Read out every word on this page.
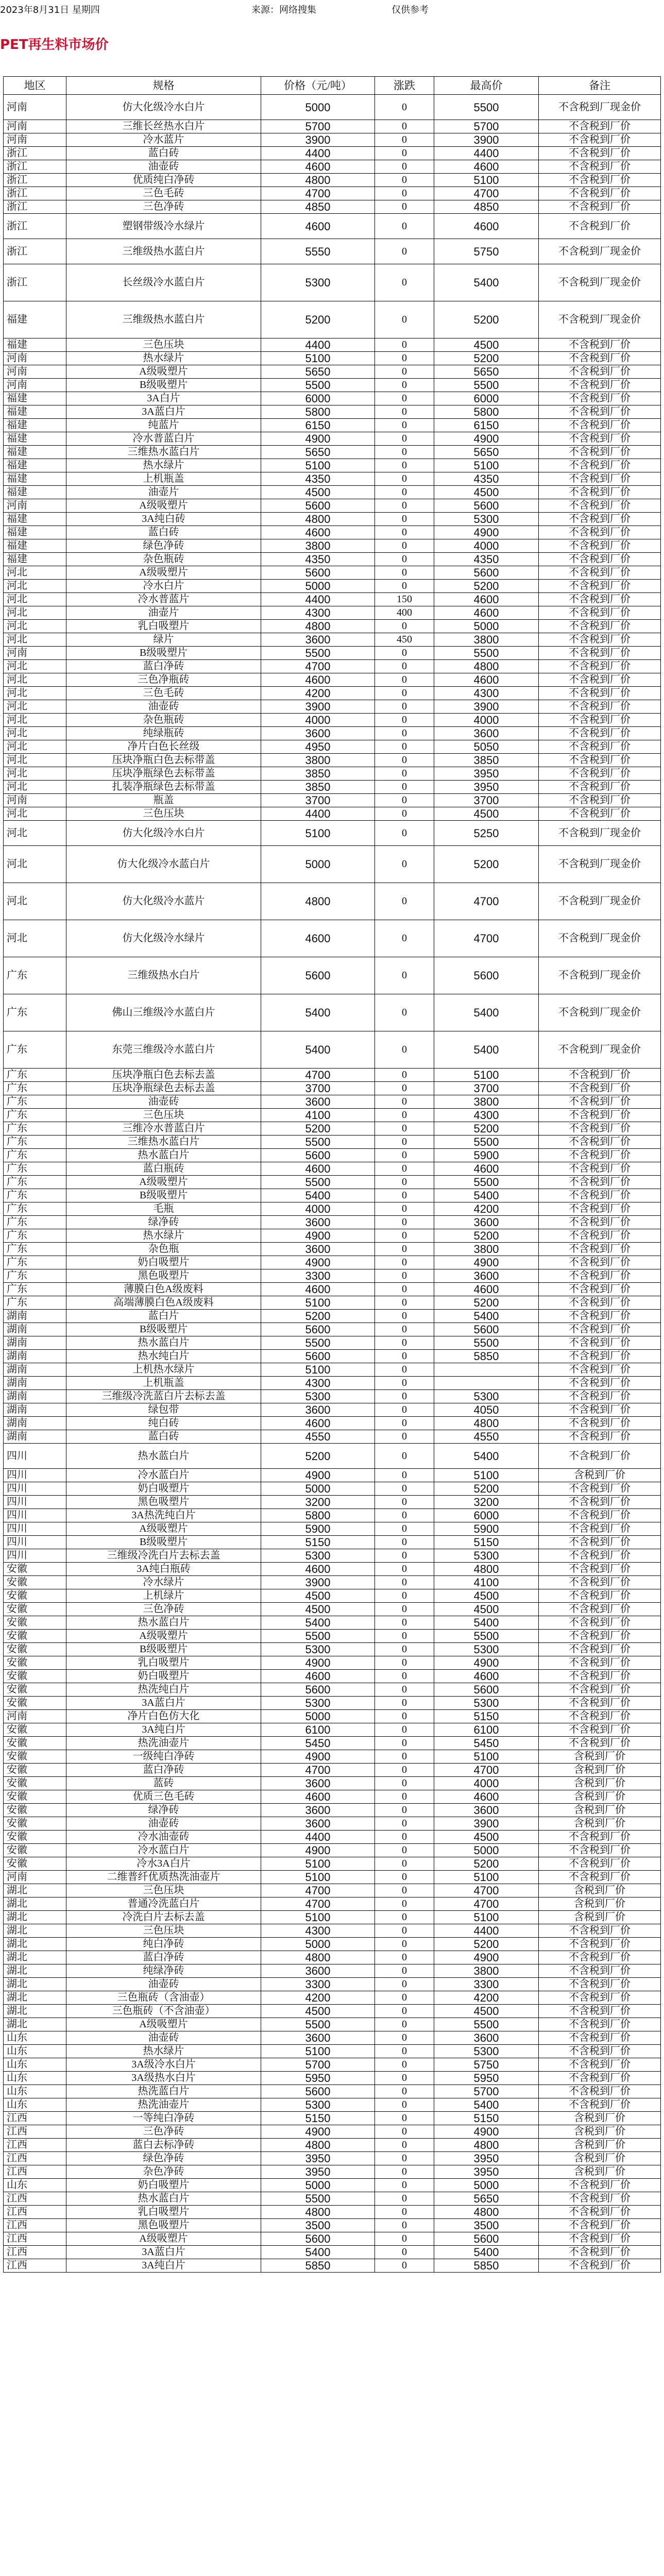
2023年8月31日 星期四	来源：网络搜集	仅供参考
PET再生料市场价
地区	规格	价格（元/吨）	涨跌	最高价	备注
河南	仿大化级冷水白片	5000	0	5500	不含税到厂现金价
河南	三维长丝热水白片	5700	0	5700	不含税到厂价
河南	冷水蓝片	3900	0	3900	不含税到厂价
浙江	蓝白砖	4400	0	4400	不含税到厂价
浙江	油壶砖	4600	0	4600	不含税到厂价
浙江	优质纯白净砖	4800	0	5100	不含税到厂价
浙江	三色毛砖	4700	0	4700	不含税到厂价
浙江	三色净砖	4850	0	4850	不含税到厂价
浙江	塑钢带级冷水绿片	4600	0	4600	不含税到厂价
浙江	三维级热水蓝白片	5550	0	5750	不含税到厂现金价
浙江	长丝级冷水蓝白片	5300	0	5400	不含税到厂现金价
福建	三维级热水蓝白片	5200	0	5200	不含税到厂现金价
福建	三色压块	4400	0	4500	不含税到厂价
河南	热水绿片	5100	0	5200	不含税到厂价
河南	A级吸塑片	5650	0	5650	不含税到厂价
河南	B级吸塑片	5500	0	5500	不含税到厂价
福建	3A白片	6000	0	6000	不含税到厂价
福建	3A蓝白片	5800	0	5800	不含税到厂价
福建	纯蓝片	6150	0	6150	不含税到厂价
福建	冷水普蓝白片	4900	0	4900	不含税到厂价
福建	三维热水蓝白片	5650	0	5650	不含税到厂价
福建	热水绿片	5100	0	5100	不含税到厂价
福建	上机瓶盖	4350	0	4350	不含税到厂价
福建	油壶片	4500	0	4500	不含税到厂价
河南	A级吸塑片	5600	0	5600	不含税到厂价
福建	3A纯白砖	4800	0	5300	不含税到厂价
福建	蓝白砖	4600	0	4900	不含税到厂价
福建	绿色净砖	3800	0	4000	不含税到厂价
福建	杂色瓶砖	4350	0	4350	不含税到厂价
河北	A级吸塑片	5600	0	5600	不含税到厂价
河北	冷水白片	5000	0	5200	不含税到厂价
河北	冷水普蓝片	4400	150	4600	不含税到厂价
河北	油壶片	4300	400	4600	不含税到厂价
河北	乳白吸塑片	4800	0	5000	不含税到厂价
河北	绿片	3600	450	3800	不含税到厂价
河南	B级吸塑片	5500	0	5500	不含税到厂价
河北	蓝白净砖	4700	0	4800	不含税到厂价
河北	三色净瓶砖	4600	0	4600	不含税到厂价
河北	三色毛砖	4200	0	4300	不含税到厂价
河北	油壶砖	3900	0	3900	不含税到厂价
河北	杂色瓶砖	4000	0	4000	不含税到厂价
河北	纯绿瓶砖	3600	0	3600	不含税到厂价
河北	净片白色长丝级	4950	0	5050	不含税到厂价
河北	压块净瓶白色去标带盖	3800	0	3850	不含税到厂价
河北	压块净瓶绿色去标带盖	3850	0	3950	不含税到厂价
河北	扎装净瓶绿色去标带盖	3850	0	3950	不含税到厂价
河南	瓶盖	3700	0	3700	不含税到厂价
河北	三色压块	4400	0	4500	不含税到厂价
河北	仿大化级冷水白片	5100	0	5250	不含税到厂现金价
河北	仿大化级冷水蓝白片	5000	0	5200	不含税到厂现金价
河北	仿大化级冷水蓝片	4800	0	4700	不含税到厂现金价
河北	仿大化级冷水绿片	4600	0	4700	不含税到厂现金价
广东	三维级热水白片	5600	0	5600	不含税到厂现金价
广东	佛山三维级冷水蓝白片	5400	0	5400	不含税到厂现金价
广东	东莞三维级冷水蓝白片	5400	0	5400	不含税到厂现金价
广东	压块净瓶白色去标去盖	4700	0	5100	不含税到厂价
广东	压块净瓶绿色去标去盖	3700	0	3700	不含税到厂价
广东	油壶砖	3600	0	3800	不含税到厂价
广东	三色压块	4100	0	4300	不含税到厂价
广东	三维冷水普蓝白片	5200	0	5200	不含税到厂价
广东	三维热水蓝白片	5500	0	5500	不含税到厂价
广东	热水蓝白片	5600	0	5900	不含税到厂价
广东	蓝白瓶砖	4600	0	4600	不含税到厂价
广东	A级吸塑片	5500	0	5500	不含税到厂价
广东	B级吸塑片	5400	0	5400	不含税到厂价
广东	毛瓶	4000	0	4200	不含税到厂价
广东	绿净砖	3600	0	3600	不含税到厂价
广东	热水绿片	4900	0	5200	不含税到厂价
广东	杂色瓶	3600	0	3800	不含税到厂价
广东	奶白吸塑片	4900	0	4900	不含税到厂价
广东	黑色吸塑片	3300	0	3600	不含税到厂价
广东	薄膜白色A级废料	4600	0	4600	不含税到厂价
广东	高端薄膜白色A级废料	5100	0	5200	不含税到厂价
湖南	蓝白片	5200	0	5400	不含税到厂价
湖南	B级吸塑片	5600	0	5600	不含税到厂价
湖南	热水蓝白片	5500	0	5500	不含税到厂价
湖南	热水纯白片	5600	0	5850	不含税到厂价
湖南	上机热水绿片	5100	0		不含税到厂价
湖南	上机瓶盖	4300	0		不含税到厂价
湖南	三维级冷洗蓝白片去标去盖	5300	0	5300	不含税到厂价
湖南	绿包带	3600	0	4050	不含税到厂价
湖南	纯白砖	4600	0	4800	不含税到厂价
湖南	蓝白砖	4550	0	4550	不含税到厂价
四川	热水蓝白片	5200	0	5400	不含税到厂价
四川	冷水蓝白片	4900	0	5100	含税到厂价
四川	奶白吸塑片	5000	0	5200	不含税到厂价
四川	黑色吸塑片	3200	0	3200	不含税到厂价
四川	3A热洗纯白片	5800	0	6000	不含税到厂价
四川	A级吸塑片	5900	0	5900	不含税到厂价
四川	B级吸塑片	5150	0	5150	不含税到厂价
四川	三维级冷洗白片去标去盖	5300	0	5300	不含税到厂价
安徽	3A纯白瓶砖	4600	0	4800	不含税到厂价
安徽	冷水绿片	3900	0	4100	不含税到厂价
安徽	上机绿片	4500	0	4500	不含税到厂价
安徽	三色净砖	4500	0	4500	不含税到厂价
安徽	热水蓝白片	5400	0	5400	不含税到厂价
安徽	A级吸塑片	5500	0	5500	不含税到厂价
安徽	B级吸塑片	5300	0	5300	不含税到厂价
安徽	乳白吸塑片	4900	0	4900	不含税到厂价
安徽	奶白吸塑片	4600	0	4600	不含税到厂价
安徽	热洗纯白片	5600	0	5600	不含税到厂价
安徽	3A蓝白片	5300	0	5300	不含税到厂价
河南	净片白色仿大化	5000	0	5150	不含税到厂价
安徽	3A纯白片	6100	0	6100	不含税到厂价
安徽	热洗油壶片	5450	0	5450	不含税到厂价
安徽	一级纯白净砖	4900	0	5100	含税到厂价
安徽	蓝白净砖	4700	0	4700	含税到厂价
安徽	蓝砖	3600	0	4000	含税到厂价
安徽	优质三色毛砖	4600	0	4600	含税到厂价
安徽	绿净砖	3600	0	3600	含税到厂价
安徽	油壶砖	3600	0	3900	含税到厂价
安徽	冷水油壶砖	4400	0	4500	不含税到厂价
安徽	冷水蓝白片	4900	0	5000	不含税到厂价
安徽	冷水3A白片	5100	0	5200	不含税到厂价
河南	二维普纤优质热洗油壶片	5100	0	5100	不含税到厂价
湖北	三色压块	4700	0	4700	含税到厂价
湖北	普通冷洗蓝白片	4700	0	4700	含税到厂价
湖北	冷洗白片去标去盖	5100	0	5100	含税到厂价
湖北	三色压块	4300	0	4400	不含税到厂价
湖北	纯白净砖	5000	0	5200	不含税到厂价
湖北	蓝白净砖	4800	0	4900	不含税到厂价
湖北	纯绿净砖	3600	0	3800	不含税到厂价
湖北	油壶砖	3300	0	3300	不含税到厂价
湖北	三色瓶砖（含油壶）	4200	0	4200	不含税到厂价
湖北	三色瓶砖（不含油壶）	4500	0	4500	不含税到厂价
湖北	A级吸塑片	5500	0	5500	不含税到厂价
山东	油壶砖	3600	0	3600	不含税到厂价
山东	热水绿片	5100	0	5300	不含税到厂价
山东	3A级冷水白片	5700	0	5750	不含税到厂价
山东	3A级热水白片	5950	0	5950	不含税到厂价
山东	热洗蓝白片	5600	0	5700	不含税到厂价
山东	热洗油壶片	5300	0	5400	不含税到厂价
江西	一等纯白净砖	5150	0	5150	含税到厂价
江西	三色净砖	4900	0	4900	含税到厂价
江西	蓝白去标净砖	4800	0	4800	含税到厂价
江西	绿色净砖	3950	0	3950	含税到厂价
江西	杂色净砖	3950	0	3950	含税到厂价
山东	奶白吸塑片	5000	0	5000	不含税到厂价
江西	热水蓝白片	5500	0	5650	不含税到厂价
江西	乳白吸塑片	4800	0	4800	不含税到厂价
江西	黑色吸塑片	3500	0	3500	不含税到厂价
江西	A级吸塑片	5600	0	5600	不含税到厂价
江西	3A蓝白片	5400	0	5400	不含税到厂价
江西	3A纯白片	5850	0	5850	不含税到厂价
